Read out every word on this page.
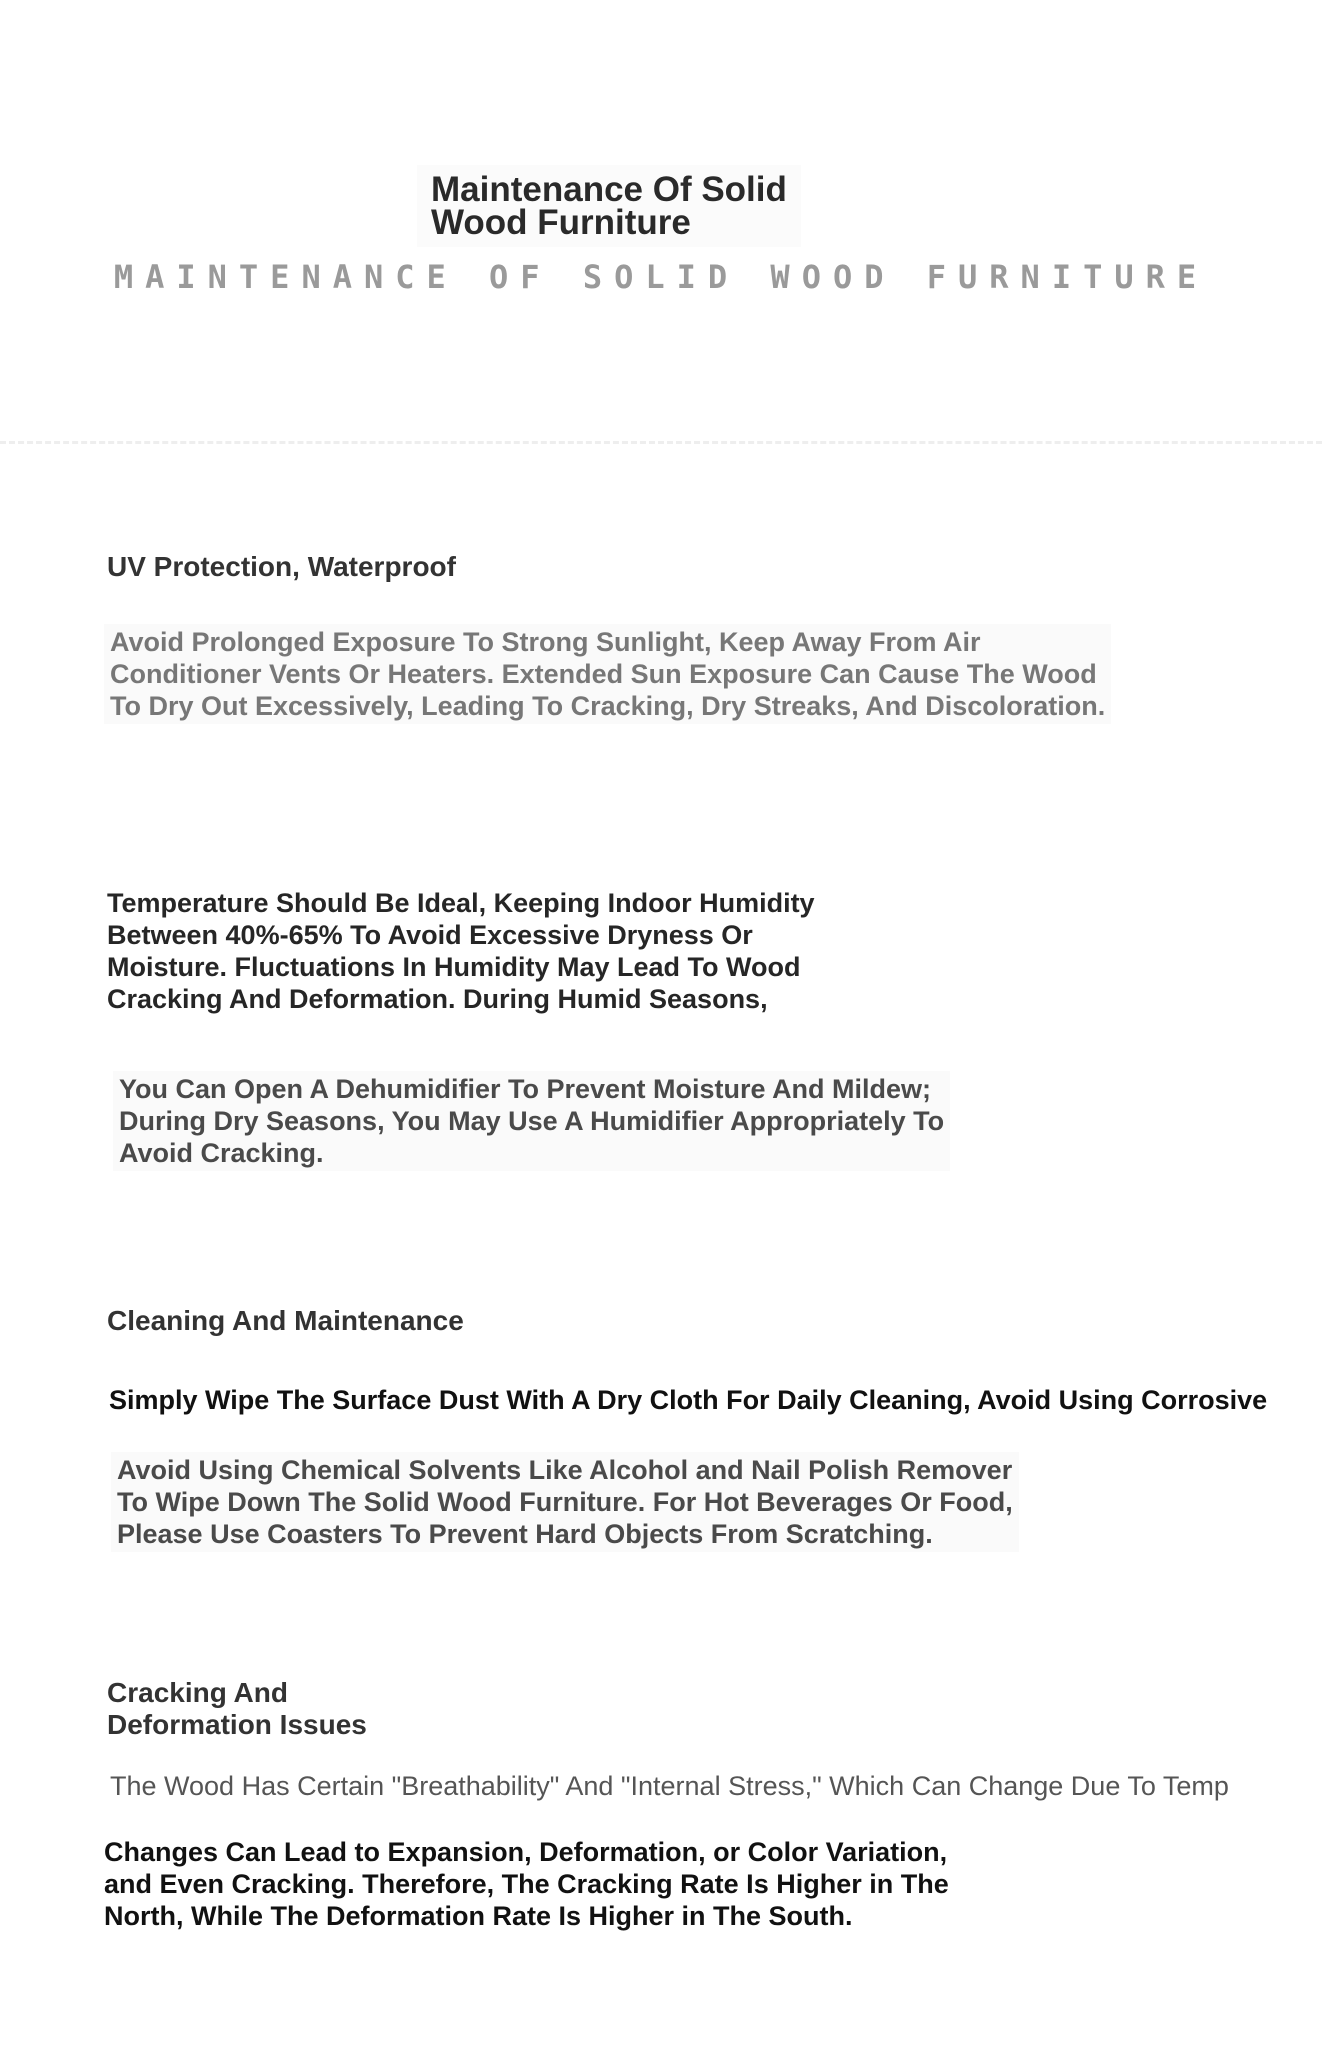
Maintenance Of Solid
Wood Furniture
MAINTENANCE OF SOLID WOOD FURNITURE
UV Protection, Waterproof
Avoid Prolonged Exposure To Strong Sunlight, Keep Away From Air
Conditioner Vents Or Heaters. Extended Sun Exposure Can Cause The Wood
To Dry Out Excessively, Leading To Cracking, Dry Streaks, And Discoloration.
Temperature Should Be Ideal, Keeping Indoor Humidity
Between 40%-65% To Avoid Excessive Dryness Or
Moisture. Fluctuations In Humidity May Lead To Wood
Cracking And Deformation. During Humid Seasons,
You Can Open A Dehumidifier To Prevent Moisture And Mildew;
During Dry Seasons, You May Use A Humidifier Appropriately To
Avoid Cracking.
Cleaning And Maintenance
Simply Wipe The Surface Dust With A Dry Cloth For Daily Cleaning, Avoid Using Corrosive
Avoid Using Chemical Solvents Like Alcohol and Nail Polish Remover
To Wipe Down The Solid Wood Furniture. For Hot Beverages Or Food,
Please Use Coasters To Prevent Hard Objects From Scratching.
Cracking And
Deformation Issues
The Wood Has Certain "Breathability" And "Internal Stress," Which Can Change Due To Temp
Changes Can Lead to Expansion, Deformation, or Color Variation,
and Even Cracking. Therefore, The Cracking Rate Is Higher in The
North, While The Deformation Rate Is Higher in The South.
